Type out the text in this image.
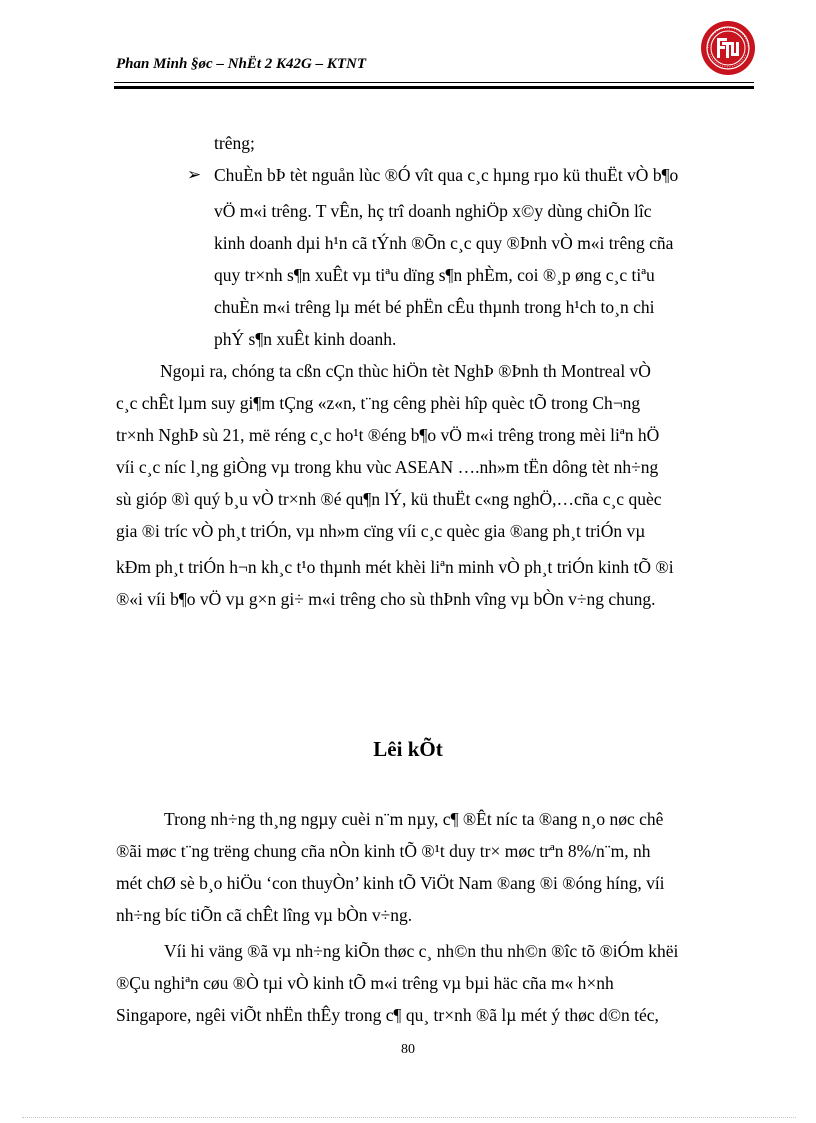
Phan Minh §øc – NhËt 2 K42G – KTNT
trêng;
➢ ChuÈn bÞ tèt nguån lùc ®Ó vît qua c¸c hµng rµo kü thuËt vÒ b¶o
vÖ m«i trêng. T vÊn, hç trî doanh nghiÖp x©y dùng chiÕn lîc
kinh doanh dµi h¹n cã tÝnh ®Õn c¸c quy ®Þnh vÒ m«i trêng cña
quy tr×nh s¶n xuÊt vµ tiªu dïng s¶n phÈm, coi ®¸p øng c¸c tiªu
chuÈn m«i trêng lµ mét bé phËn cÊu thµnh trong h¹ch to¸n chi
phÝ s¶n xuÊt kinh doanh.
Ngoµi ra, chóng ta cßn cÇn thùc hiÖn tèt NghÞ ®Þnh th Montreal vÒ
c¸c chÊt lµm suy gi¶m tÇng «z«n, t¨ng cêng phèi hîp quèc tÕ trong Ch¬ng
tr×nh NghÞ sù 21, më réng c¸c ho¹t ®éng b¶o vÖ m«i trêng trong mèi liªn hÖ
víi c¸c níc l¸ng giÒng vµ trong khu vùc ASEAN ….nh»m tËn dông tèt nh÷ng
sù gióp ®ì quý b¸u vÒ tr×nh ®é qu¶n lÝ, kü thuËt c«ng nghÖ,…cña c¸c quèc
gia ®i tríc vÒ ph¸t triÓn, vµ nh»m cïng víi c¸c quèc gia ®ang ph¸t triÓn vµ
kÐm ph¸t triÓn h¬n kh¸c t¹o thµnh mét khèi liªn minh vÒ ph¸t triÓn kinh tÕ ®i
®«i víi b¶o vÖ vµ g×n gi÷ m«i trêng cho sù thÞnh vîng vµ bÒn v÷ng chung.
Lêi kÕt
Trong nh÷ng th¸ng ngµy cuèi n¨m nµy, c¶ ®Êt níc ta ®ang n¸o nøc chê
®ãi møc t¨ng trëng chung cña nÒn kinh tÕ ®¹t duy tr× møc trªn 8%/n¨m, nh
mét chØ sè b¸o hiÖu ‘con thuyÒn’ kinh tÕ ViÖt Nam ®ang ®i ®óng híng, víi
nh÷ng bíc tiÕn cã chÊt lîng vµ bÒn v÷ng.
Víi hi väng ®ã vµ nh÷ng kiÕn thøc c¸ nh©n thu nh©n ®îc tõ ®iÓm khëi
®Çu nghiªn cøu ®Ò tµi vÒ kinh tÕ m«i trêng vµ bµi häc cña m« h×nh
Singapore, ngêi viÕt nhËn thÊy trong c¶ qu¸ tr×nh ®ã lµ mét ý thøc d©n téc,
80
